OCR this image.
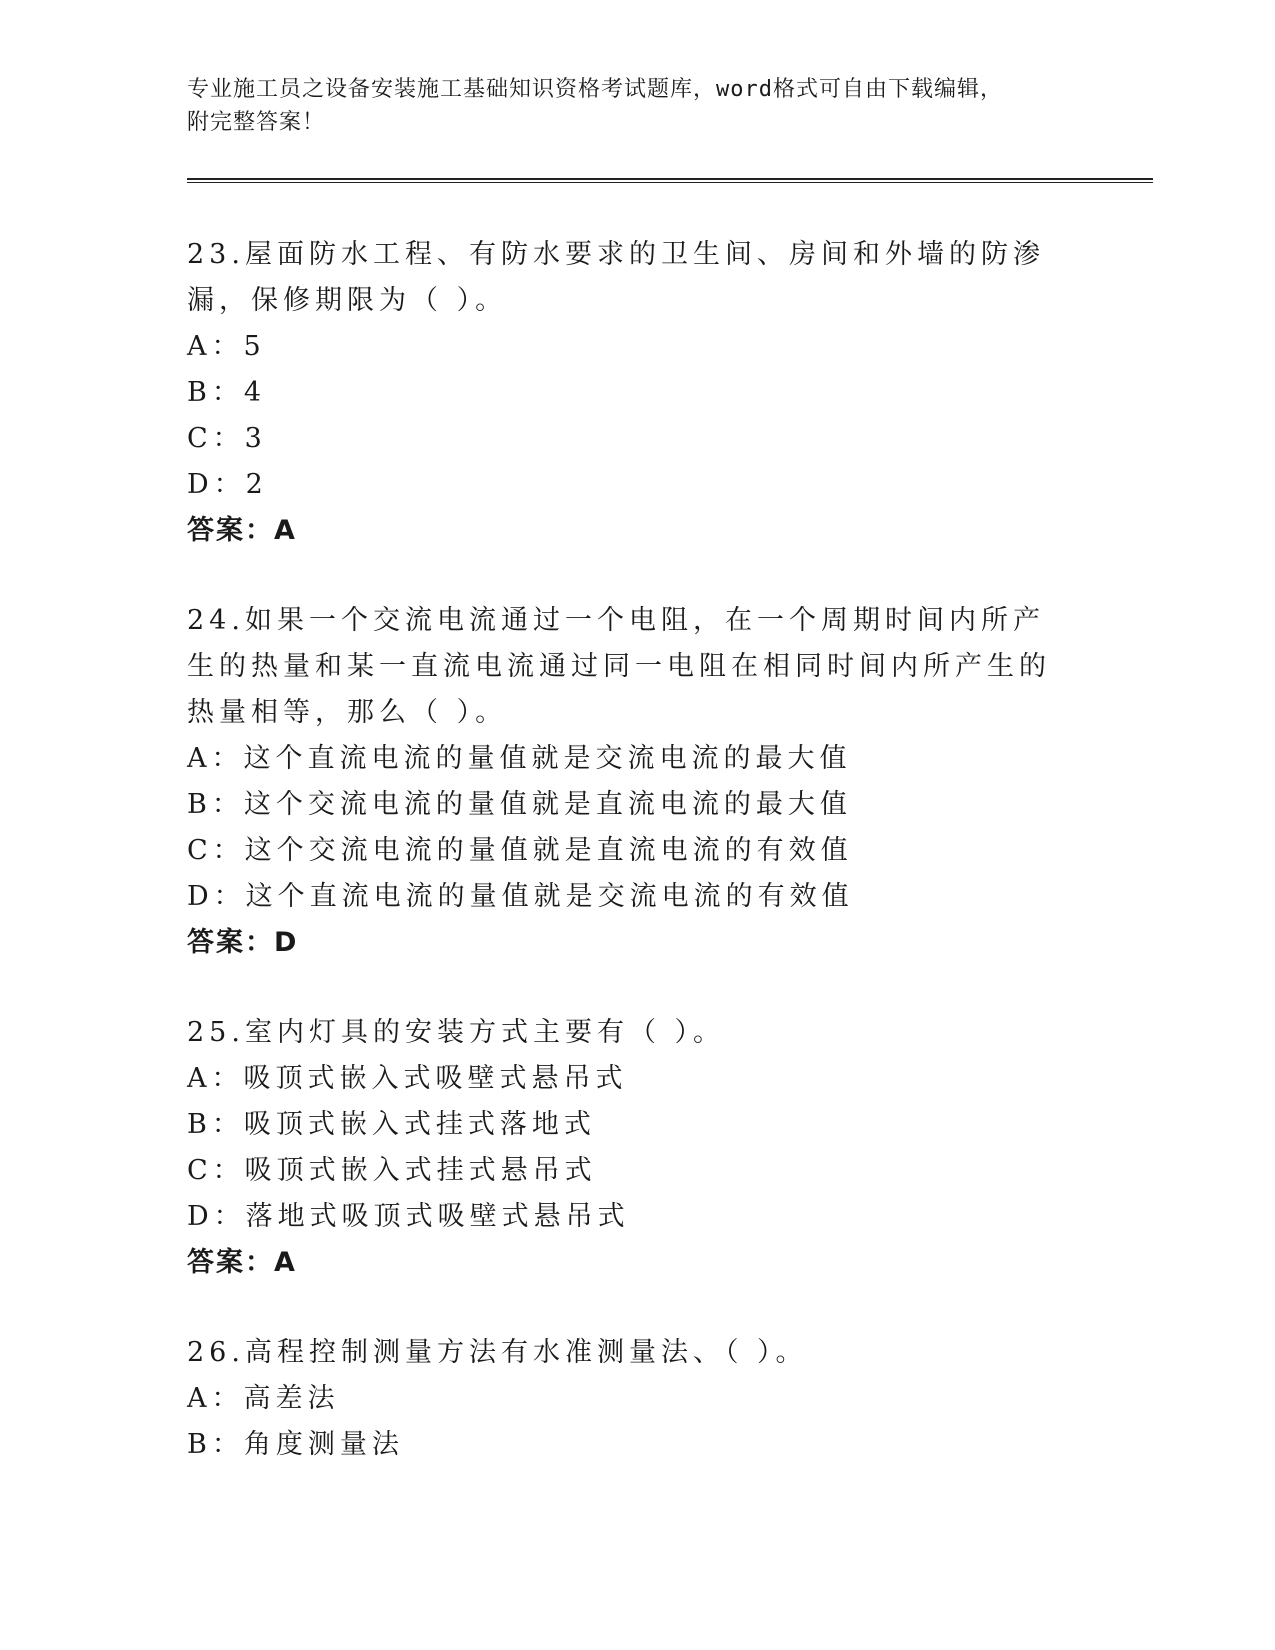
专业施工员之设备安装施工基础知识资格考试题库，word格式可自由下载编辑，
附完整答案！
23.屋面防水工程、有防水要求的卫生间、房间和外墙的防渗漏，保修期限为（ ）。
A：5
B：4
C：3
D：2
答案：A
24.如果一个交流电流通过一个电阻，在一个周期时间内所产生的热量和某一直流电流通过同一电阻在相同时间内所产生的热量相等，那么（ ）。
A：这个直流电流的量值就是交流电流的最大值
B：这个交流电流的量值就是直流电流的最大值
C：这个交流电流的量值就是直流电流的有效值
D：这个直流电流的量值就是交流电流的有效值
答案：D
25.室内灯具的安装方式主要有（ ）。
A：吸顶式嵌入式吸壁式悬吊式
B：吸顶式嵌入式挂式落地式
C：吸顶式嵌入式挂式悬吊式
D：落地式吸顶式吸壁式悬吊式
答案：A
26.高程控制测量方法有水准测量法、（ ）。
A：高差法
B：角度测量法
